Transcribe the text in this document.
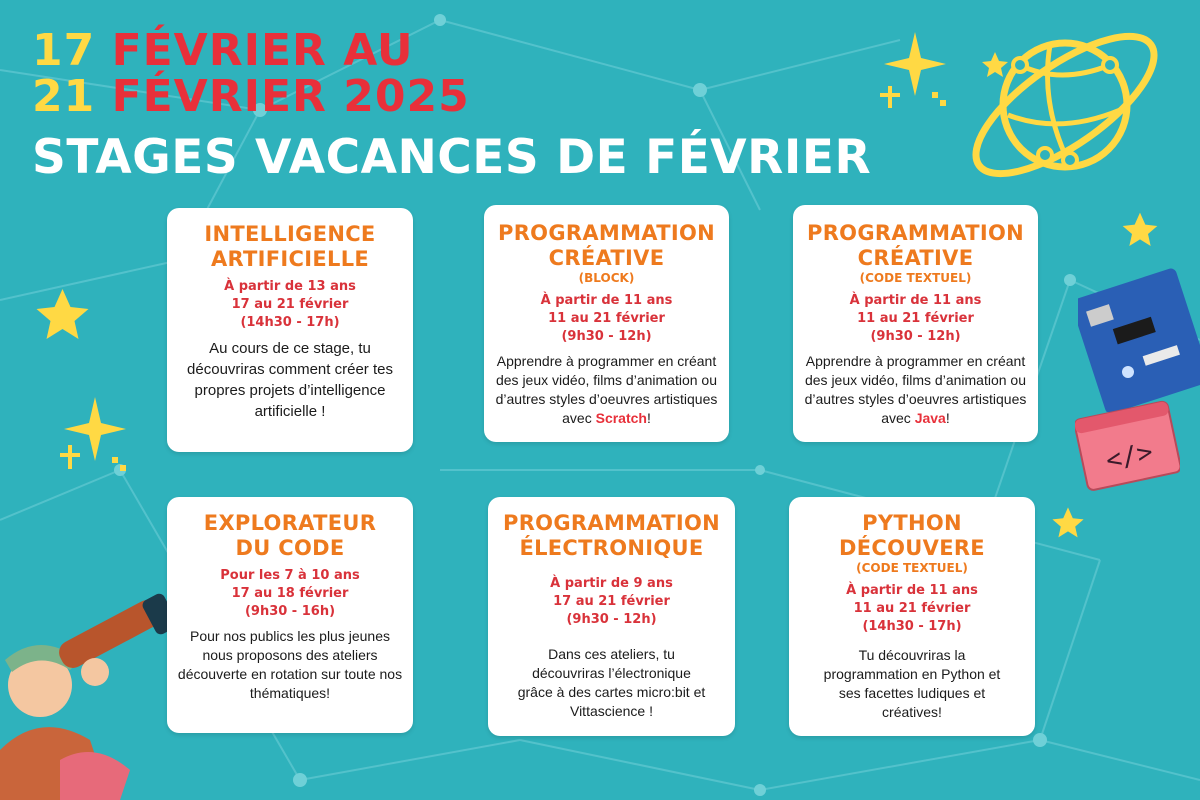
17 FÉVRIER AU
21 FÉVRIER 2025
STAGES VACANCES DE FÉVRIER
</>
INTELLIGENCE
ARTIFICIELLE
À partir de 13 ans
17 au 21 février
(14h30 - 17h)
Au cours de ce stage, tu découvriras comment créer tes propres projets d’intelligence artificielle !
PROGRAMMATION
CRÉATIVE
(BLOCK)
À partir de 11 ans
11 au 21 février
(9h30 - 12h)
Apprendre à programmer en créant des jeux vidéo, films d’animation ou d’autres styles d’oeuvres artistiques avec Scratch!
PROGRAMMATION
CRÉATIVE
(CODE TEXTUEL)
À partir de 11 ans
11 au 21 février
(9h30 - 12h)
Apprendre à programmer en créant des jeux vidéo, films d’animation ou d’autres styles d’oeuvres artistiques avec Java!
EXPLORATEUR
DU CODE
Pour les 7 à 10 ans
17 au 18 février
(9h30 - 16h)
Pour nos publics les plus jeunes nous proposons des ateliers découverte en rotation sur toute nos thématiques!
PROGRAMMATION
ÉLECTRONIQUE
À partir de 9 ans
17 au 21 février
(9h30 - 12h)
Dans ces ateliers, tu découvriras l’électronique grâce à des cartes micro:bit et Vittascience !
PYTHON
DÉCOUVERE
(CODE TEXTUEL)
À partir de 11 ans
11 au 21 février
(14h30 - 17h)
Tu découvriras la programmation en Python et ses facettes ludiques et créatives!
